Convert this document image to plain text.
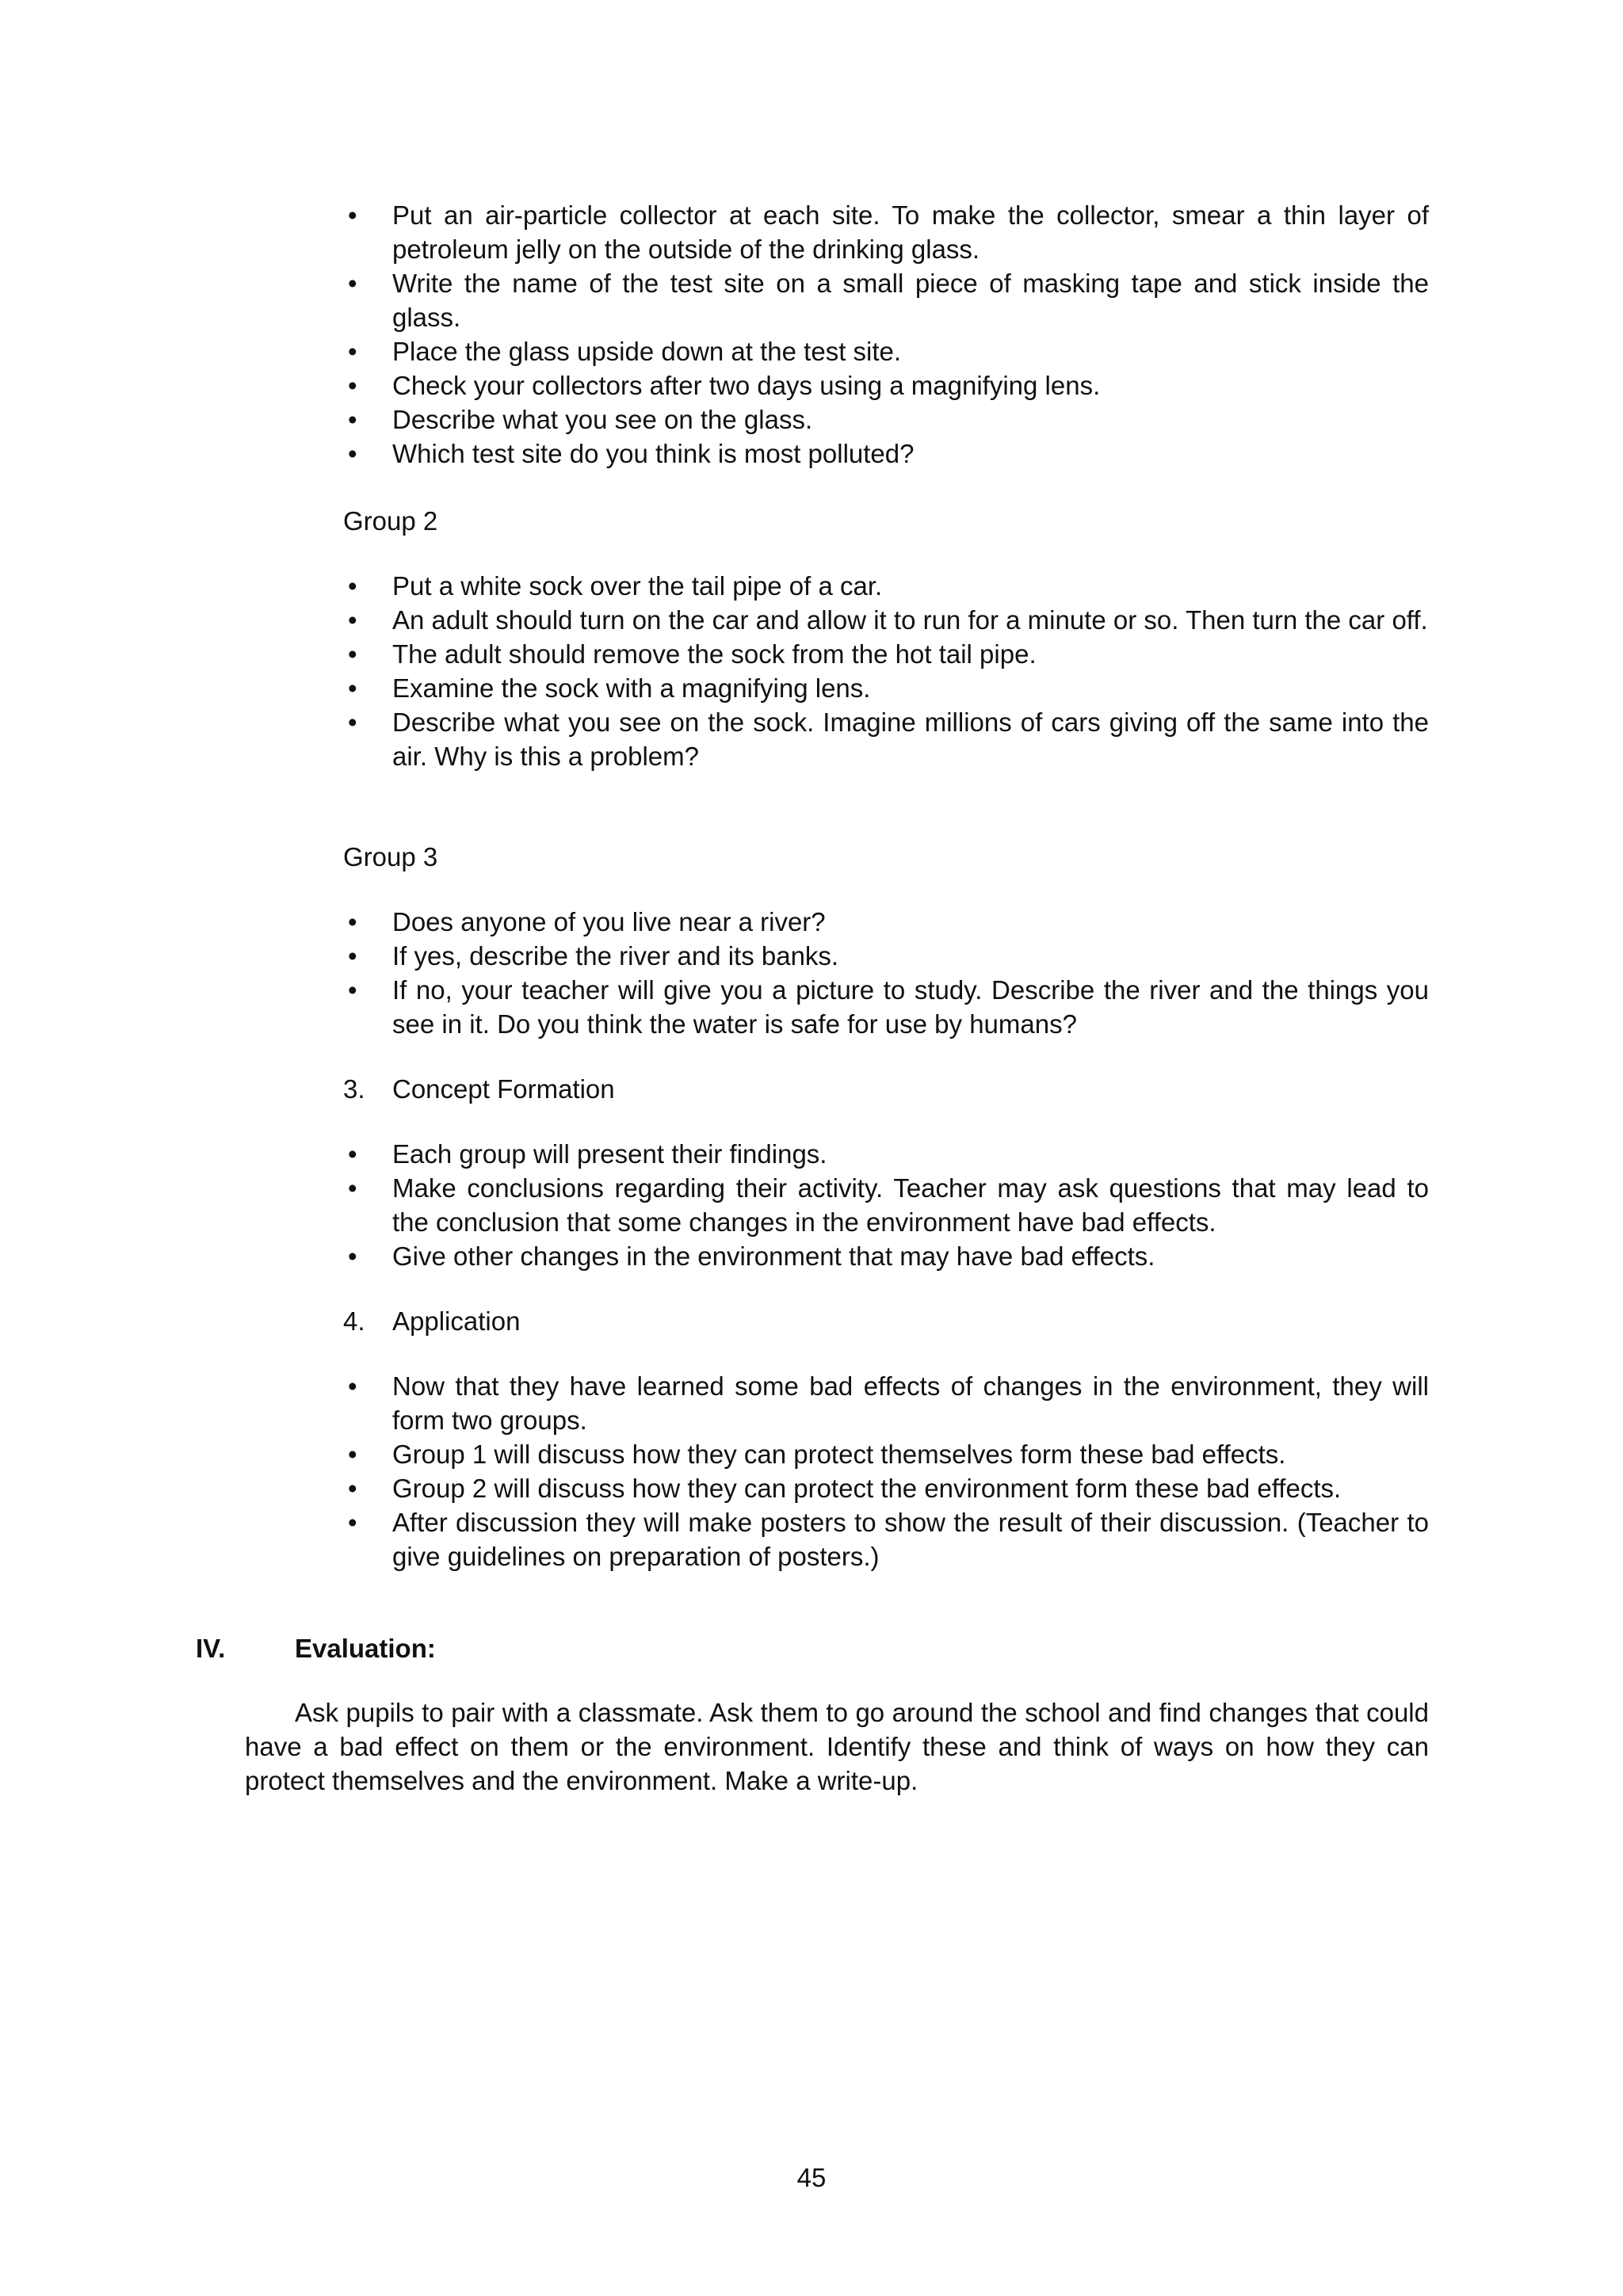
• Put an air-particle collector at each site. To make the collector, smear a thin layer of petroleum jelly on the outside of the drinking glass.
• Write the name of the test site on a small piece of masking tape and stick inside the glass.
• Place the glass upside down at the test site.
• Check your collectors after two days using a magnifying lens.
• Describe what you see on the glass.
• Which test site do you think is most polluted?
Group 2
• Put a white sock over the tail pipe of a car.
• An adult should turn on the car and allow it to run for a minute or so. Then turn the car off.
• The adult should remove the sock from the hot tail pipe.
• Examine the sock with a magnifying lens.
• Describe what you see on the sock. Imagine millions of cars giving off the same into the air. Why is this a problem?
Group 3
• Does anyone of you live near a river?
• If yes, describe the river and its banks.
• If no, your teacher will give you a picture to study. Describe the river and the things you see in it. Do you think the water is safe for use by humans?
3. Concept Formation
• Each group will present their findings.
• Make conclusions regarding their activity. Teacher may ask questions that may lead to the conclusion that some changes in the environment have bad effects.
• Give other changes in the environment that may have bad effects.
4. Application
• Now that they have learned some bad effects of changes in the environment, they will form two groups.
• Group 1 will discuss how they can protect themselves form these bad effects.
• Group 2 will discuss how they can protect the environment form these bad effects.
• After discussion they will make posters to show the result of their discussion. (Teacher to give guidelines on preparation of posters.)
IV.	Evaluation:
Ask pupils to pair with a classmate. Ask them to go around the school and find changes that could have a bad effect on them or the environment. Identify these and think of ways on how they can protect themselves and the environment. Make a write-up.
45
